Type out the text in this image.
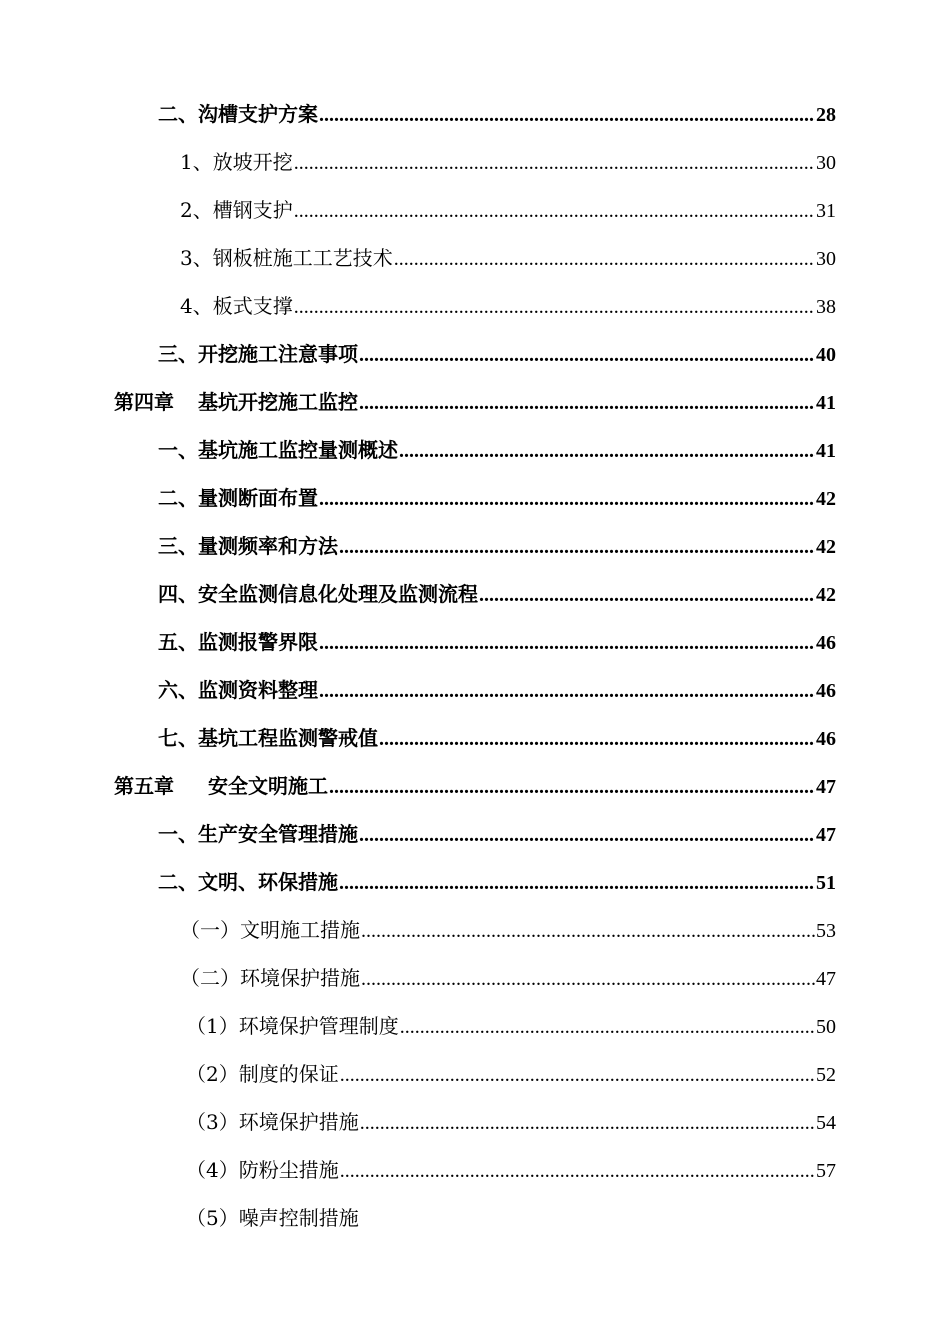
二、沟槽支护方案 .....	28
1、放坡开挖 .....	30
2、槽钢支护 .....	31
3、钢板桩施工工艺技术 .....	30
4、板式支撑 .....	38
三、开挖施工注意事项 .....	40
第四章 基坑开挖施工监控 .....	41
一、基坑施工监控量测概述 .....	41
二、量测断面布置 .....	42
三、量测频率和方法 .....	42
四、安全监测信息化处理及监测流程 .....	42
五、监测报警界限 .....	46
六、监测资料整理 .....	46
七、基坑工程监测警戒值 .....	46
第五章 安全文明施工 .....	47
一、生产安全管理措施 .....	47
二、文明、环保措施 .....	51
（一）文明施工措施 .....	53
（二）环境保护措施 .....	47
（1）环境保护管理制度 .....	50
（2）制度的保证 .....	52
（3）环境保护措施 .....	54
（4）防粉尘措施 .....	57
（5）噪声控制措施
